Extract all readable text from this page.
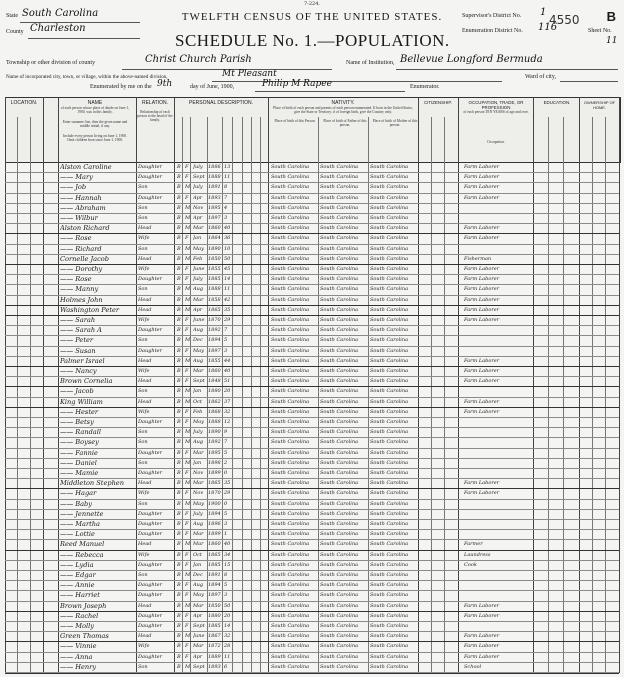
7-224.
TWELFTH CENSUS OF THE UNITED STATES.
SCHEDULE No. 1.—POPULATION.
B
4550
State South Carolina
County Charleston
Township or other division of county	Christ Church Parish	Name of Institution, Bellevue Longford Bermuda
Name of incorporated city, town, or village, within the above-named division,	Mt Pleasant	Ward of city,
Enumerated by me on the 9th	day of June, 1900,	Philip M Rapee	Enumerator.
Supervisor's District No. 1
Enumeration District No. 116	Sheet No.
11
LOCATION.	NAME
of each person whose place of abode on June 1, 1900, was in this family.
Enter surname first, then the given name and middle initial, if any.
Include every person living on June 1, 1900. Omit children born since June 1, 1900.
RELATION.
Relationship of each person to the head of the family.
PERSONAL DESCRIPTION.	NATIVITY.
Place of birth of each person and parents of each person enumerated. If born in the United States, give the State or Territory; if of foreign birth, give the Country only.
Place of birth of this Person.	Place of birth of Father of this person.
Place of birth of Mother of this person.
CITIZENSHIP.	OCCUPATION, TRADE, OR PROFESSION
of each person TEN YEARS of age and over.
Occupation.
EDUCATION.	OWNERSHIP OF HOME.
Alston Caroline	Daughter	B F July	1886 13	South Carolina	South Carolina	South Carolina	Farm Laborer
—— Mary	Daughter	B F Sept 1888 11	South Carolina	South Carolina	South Carolina	Farm Laborer
—— Job	Son	B M July	1891 8	South Carolina	South Carolina	South Carolina	Farm Laborer
—— Hannah	Daughter	B F Apr	1893 7	South Carolina	South Carolina	South Carolina	Farm Laborer
—— Abraham	Son	B M Nov 1895 4	South Carolina	South Carolina	South Carolina
—— Wilbur	Son	B M Apr	1897 3	South Carolina	South Carolina	South Carolina
Alston Richard	Head	B M Mar 1860 40	South Carolina	South Carolina	South Carolina	Farm Laborer
—— Rose	Wife	B F Jan	1864 36	South Carolina	South Carolina	South Carolina	Farm Laborer
—— Richard	Son	B M May 1890 10	South Carolina	South Carolina	South Carolina
Cornelle Jacob	Head	B M Feb	1850 50	South Carolina	South Carolina	South Carolina	Fisherman
—— Dorothy	Wife	B F June 1855 45	South Carolina	South Carolina	South Carolina	Farm Laborer
—— Rose	Daughter	B F July	1885 14	South Carolina	South Carolina	South Carolina	Farm Laborer
—— Manny	Son	B M Aug 1888 11	South Carolina	South Carolina	South Carolina	Farm Laborer
Holmes John	Head	B M Mar 1858 42	South Carolina	South Carolina	South Carolina	Farm Laborer
Washington Peter	Head	B M Apr	1865 35	South Carolina	South Carolina	South Carolina	Farm Laborer
—— Sarah	Wife	B F June 1870 29	South Carolina	South Carolina	South Carolina	Farm Laborer
—— Sarah A	Daughter	B F Aug 1892 7	South Carolina	South Carolina	South Carolina
—— Peter	Son	B M Dec	1894 5	South Carolina	South Carolina	South Carolina
—— Susan	Daughter	B F May 1897 3	South Carolina	South Carolina	South Carolina
Palmer Israel	Head	B M Aug 1855 44	South Carolina	South Carolina	South Carolina	Farm Laborer
—— Nancy	Wife	B F Mar 1860 40	South Carolina	South Carolina	South Carolina	Farm Laborer
Brown Cornelia	Head	B F Sept 1848 51	South Carolina	South Carolina	South Carolina	Farm Laborer
—— Jacob	Son	B M Jan	1880 20	South Carolina	South Carolina	South Carolina
King William	Head	B M Oct	1862 37	South Carolina	South Carolina	South Carolina	Farm Laborer
—— Hester	Wife	B F Feb	1868 32	South Carolina	South Carolina	South Carolina	Farm Laborer
—— Betsy	Daughter	B F May 1888 12	South Carolina	South Carolina	South Carolina
—— Randall	Son	B M July	1890 9	South Carolina	South Carolina	South Carolina
—— Boysey	Son	B M Aug 1892 7	South Carolina	South Carolina	South Carolina
—— Fannie	Daughter	B F Mar 1895 5	South Carolina	South Carolina	South Carolina
—— Daniel	Son	B M Jan	1898 2	South Carolina	South Carolina	South Carolina
—— Mamie	Daughter	B F Nov 1899 0	South Carolina	South Carolina	South Carolina
Middleton Stephen	Head	B M Mar 1865 35	South Carolina	South Carolina	South Carolina	Farm Laborer
—— Hagar	Wife	B F Nov 1870 29	South Carolina	South Carolina	South Carolina	Farm Laborer
—— Baby	Son	B M May 1900 0	South Carolina	South Carolina	South Carolina
—— Jennette	Daughter	B F July	1894 5	South Carolina	South Carolina	South Carolina
—— Martha	Daughter	B F Aug 1896 3	South Carolina	South Carolina	South Carolina
—— Lottie	Daughter	B F Mar 1899 1	South Carolina	South Carolina	South Carolina
Reed Manuel	Head	B M Mar 1860 40	South Carolina	South Carolina	South Carolina	Farmer
—— Rebecca	Wife	B F Oct	1865 34	South Carolina	South Carolina	South Carolina	Laundress
—— Lydia	Daughter	B F Jan	1885 15	South Carolina	South Carolina	South Carolina	Cook
—— Edgar	Son	B M Dec	1891 8	South Carolina	South Carolina	South Carolina
—— Annie	Daughter	B F Aug 1894 5	South Carolina	South Carolina	South Carolina
—— Harriet	Daughter	B F May 1897 3	South Carolina	South Carolina	South Carolina
Brown Joseph	Head	B M Mar 1850 50	South Carolina	South Carolina	South Carolina	Farm Laborer
—— Rachel	Daughter	B F Apr	1880 20	South Carolina	South Carolina	South Carolina	Farm Laborer
—— Molly	Daughter	B F Sept 1885 14	South Carolina	South Carolina	South Carolina
Green Thomas	Head	B M June 1867 32	South Carolina	South Carolina	South Carolina	Farm Laborer
—— Vinnie	Wife	B F Mar 1872 28	South Carolina	South Carolina	South Carolina	Farm Laborer
—— Anna	Daughter	B F Apr	1889 11	South Carolina	South Carolina	South Carolina	Farm Laborer
—— Henry	Son	B M Sept 1893 6	South Carolina	South Carolina	South Carolina	School
